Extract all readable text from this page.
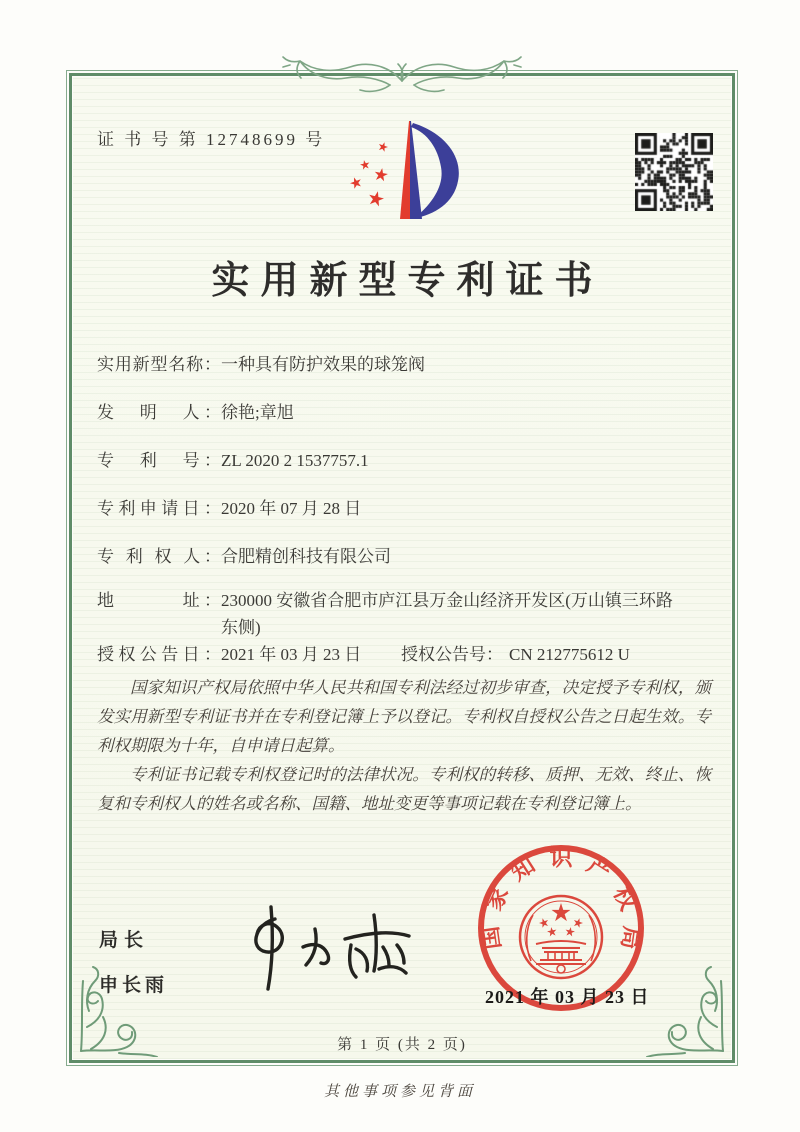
证 书 号 第 12748699 号
实用新型专利证书
实用新型名称： 一种具有防护效果的球笼阀
发　明　人： 徐艳;章旭
专　利　号： ZL 2020 2 1537757.1
专利申请日： 2020 年 07 月 28 日
专 利 权 人： 合肥精创科技有限公司
地　　　址： 230000 安徽省合肥市庐江县万金山经济开发区(万山镇三环路东侧)
授权公告日： 2021 年 03 月 23 日	授权公告号： CN 212775612 U

国家知识产权局依照中华人民共和国专利法经过初步审查，决定授予专利权，颁发实用新型专利证书并在专利登记簿上予以登记。专利权自授权公告之日起生效。专利权期限为十年，自申请日起算。

专利证书记载专利权登记时的法律状况。专利权的转移、质押、无效、终止、恢复和专利权人的姓名或名称、国籍、地址变更等事项记载在专利登记簿上。

局长
申长雨
国
家
知 识 产
权
局
2021 年 03 月 23 日
第 1 页 (共 2 页)
其他事项参见背面
